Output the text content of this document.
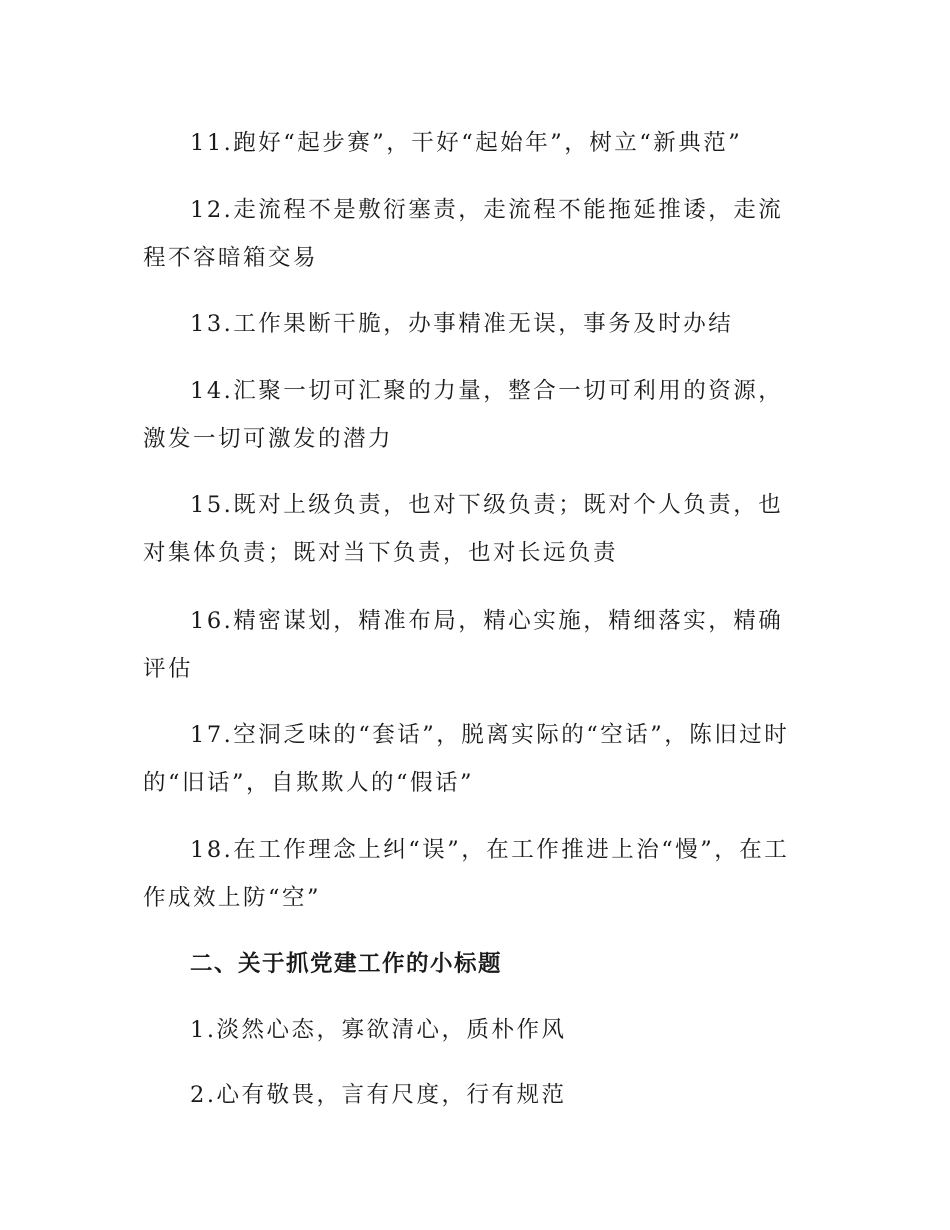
11.跑好“起步赛”，干好“起始年”，树立“新典范”

12.走流程不是敷衍塞责，走流程不能拖延推诿，走流程不容暗箱交易

13.工作果断干脆，办事精准无误，事务及时办结

14.汇聚一切可汇聚的力量，整合一切可利用的资源，激发一切可激发的潜力

15.既对上级负责，也对下级负责；既对个人负责，也对集体负责；既对当下负责，也对长远负责

16.精密谋划，精准布局，精心实施，精细落实，精确评估

17.空洞乏味的“套话”，脱离实际的“空话”，陈旧过时的“旧话”，自欺欺人的“假话”

18.在工作理念上纠“误”，在工作推进上治“慢”，在工作成效上防“空”

二、关于抓党建工作的小标题

1.淡然心态，寡欲清心，质朴作风

2.心有敬畏，言有尺度，行有规范
